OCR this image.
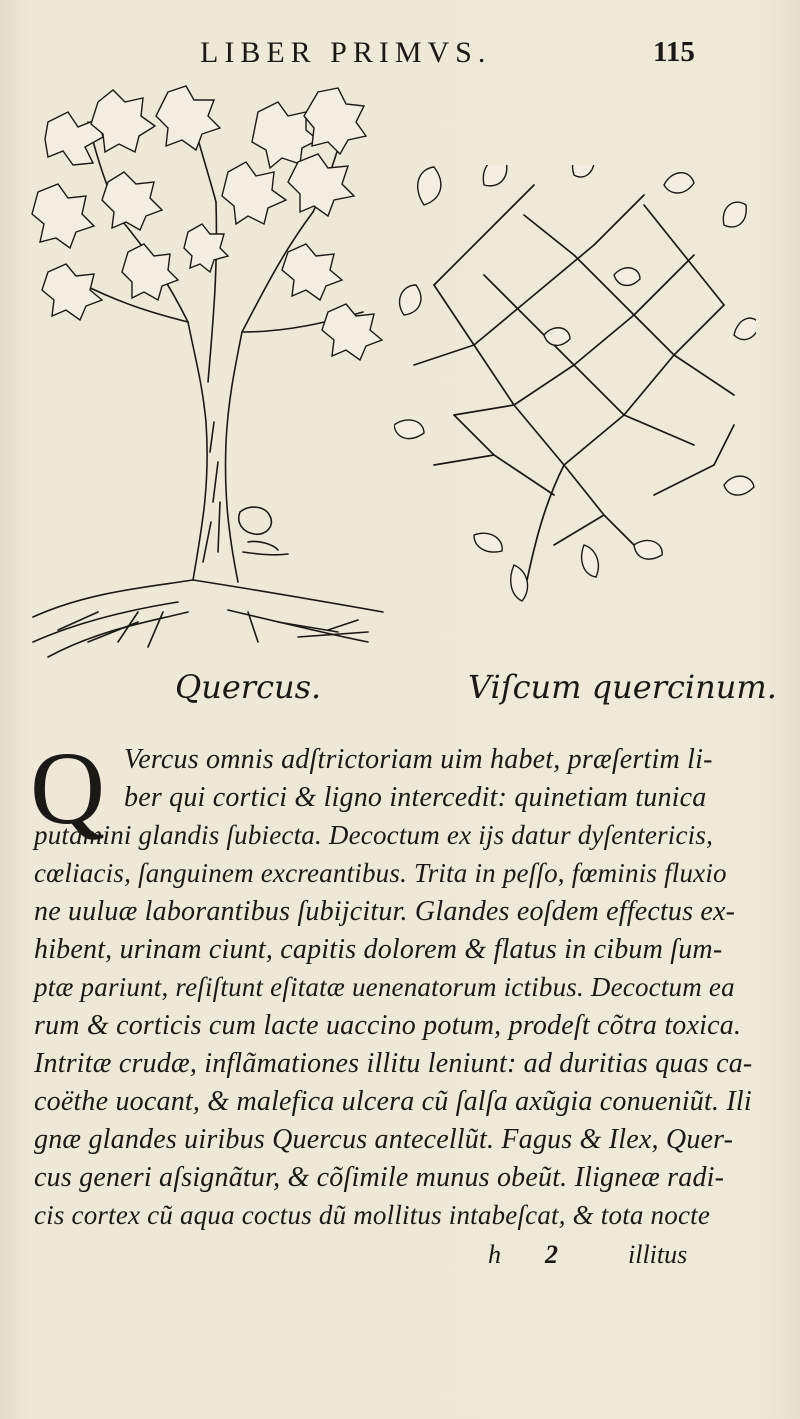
LIBER PRIMVS.	115
Quercus.	Viſcum quercinum.
Q Vercus omnis adſtrictoriam uim habet, præſertim li-
ber qui cortici & ligno intercedit: quinetiam tunica
putamini glandis ſubiecta. Decoctum ex ijs datur dyſentericis,
cœliacis, ſanguinem excreantibus. Trita in peſſo, fœminis fluxio
ne uuluæ laborantibus ſubijcitur. Glandes eoſdem effectus ex-
hibent, urinam ciunt, capitis dolorem & flatus in cibum ſum-
ptæ pariunt, reſiſtunt eſitatæ uenenatorum ictibus. Decoctum ea
rum & corticis cum lacte uaccino potum, prodeſt cõtra toxica.
Intritæ crudæ, inflãmationes illitu leniunt: ad duritias quas ca-
coëthe uocant, & malefica ulcera cũ ſalſa axũgia conueniũt. Ili
gnæ glandes uiribus Quercus antecellũt. Fagus & Ilex, Quer-
cus generi aſsignãtur, & cõſimile munus obeũt. Iligneæ radi-
cis cortex cũ aqua coctus dũ mollitus intabeſcat, & tota nocte
h 2	illitus
